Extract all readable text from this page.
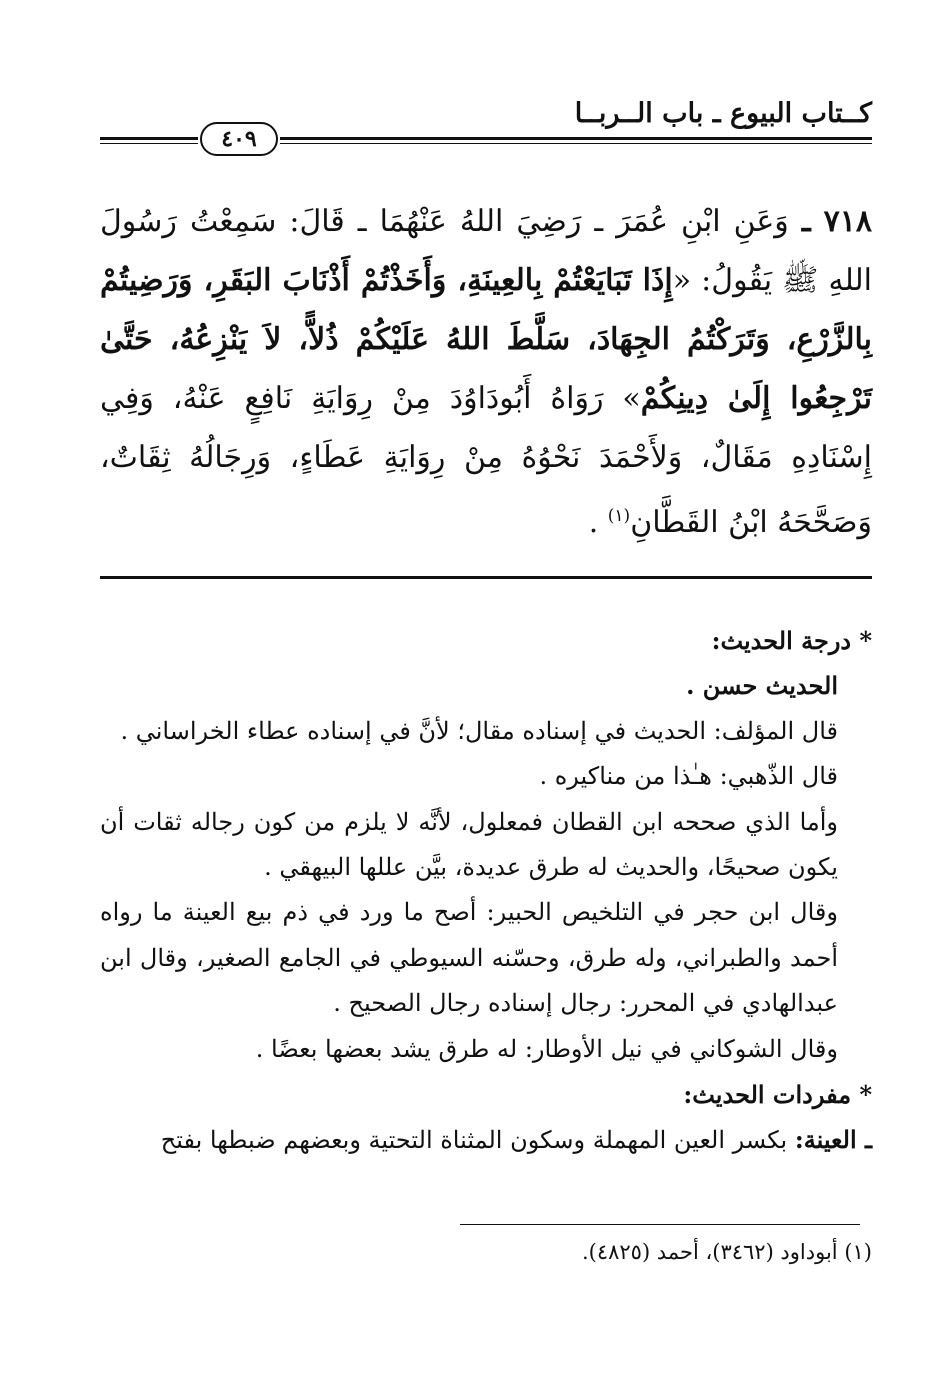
كــتاب البيوع ـ باب الــربــا
٤٠٩
٧١٨ ـ وَعَنِ ابْنِ عُمَرَ ـ رَضِيَ اللهُ عَنْهُمَا ـ قَالَ: سَمِعْتُ رَسُولَ اللهِ ﷺ يَقُولُ: «إِذَا تَبَايَعْتُمْ بِالعِينَةِ، وَأَخَذْتُمْ أَذْنَابَ البَقَرِ، وَرَضِيتُمْ بِالزَّرْعِ، وَتَرَكْتُمُ الجِهَادَ، سَلَّطَ اللهُ عَلَيْكُمْ ذُلاًّ، لاَ يَنْزِعُهُ، حَتَّىٰ تَرْجِعُوا إِلَىٰ دِينِكُمْ» رَوَاهُ أَبُودَاوُدَ مِنْ رِوَايَةِ نَافِعٍ عَنْهُ، وَفِي إِسْنَادِهِ مَقَالٌ، وَلأَحْمَدَ نَحْوُهُ مِنْ رِوَايَةِ عَطَاءٍ، وَرِجَالُهُ ثِقَاتٌ، وَصَحَّحَهُ ابْنُ القَطَّانِ$^{(١)}$ .

* درجة الحديث:

الحديث حسن .

قال المؤلف: الحديث في إسناده مقال؛ لأنَّ في إسناده عطاء الخراساني .

قال الذّهبي: هـٰذا من مناكيره .

وأما الذي صححه ابن القطان فمعلول، لأنَّه لا يلزم من كون رجاله ثقات أن يكون صحيحًا، والحديث له طرق عديدة، بيَّن عللها البيهقي .

وقال ابن حجر في التلخيص الحبير: أصح ما ورد في ذم بيع العينة ما رواه أحمد والطبراني، وله طرق، وحسّنه السيوطي في الجامع الصغير، وقال ابن عبدالهادي في المحرر: رجال إسناده رجال الصحيح .

وقال الشوكاني في نيل الأوطار: له طرق يشد بعضها بعضًا .

* مفردات الحديث:

ـ العينة: بكسر العين المهملة وسكون المثناة التحتية وبعضهم ضبطها بفتح

(١) أبوداود (٣٤٦٢)، أحمد (٤٨٢٥).
